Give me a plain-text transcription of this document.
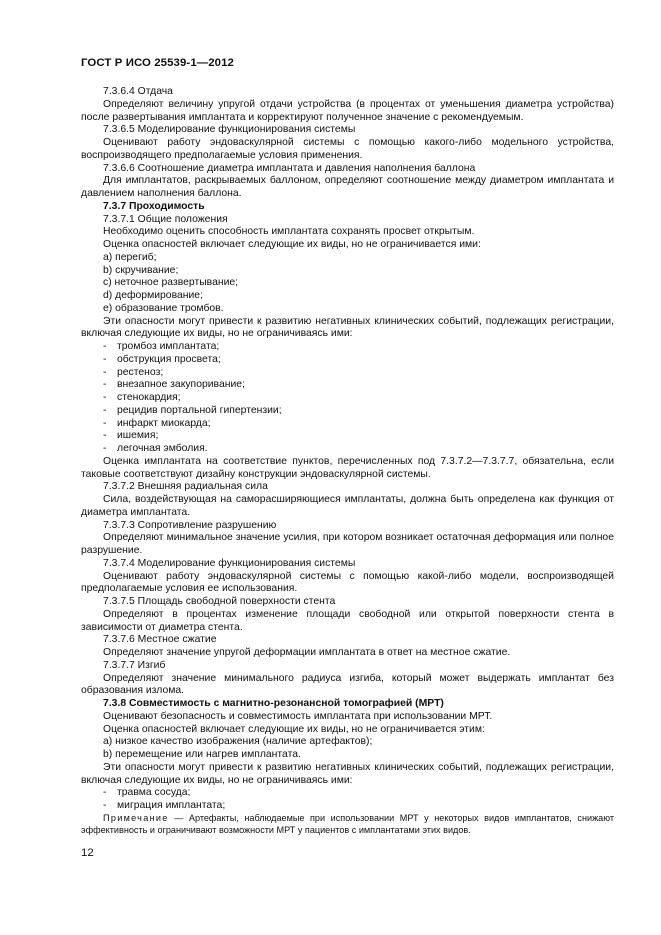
ГОСТ Р ИСО 25539-1—2012

7.3.6.4 Отдача

Определяют величину упругой отдачи устройства (в процентах от уменьшения диаметра устройства) после развертывания имплантата и корректируют полученное значение с рекомендуемым.

7.3.6.5 Моделирование функционирования системы

Оценивают работу эндоваскулярной системы с помощью какого-либо модельного устройства, воспроизводящего предполагаемые условия применения.

7.3.6.6 Соотношение диаметра имплантата и давления наполнения баллона

Для имплантатов, раскрываемых баллоном, определяют соотношение между диаметром имплантата и давлением наполнения баллона.

7.3.7 Проходимость

7.3.7.1 Общие положения

Необходимо оценить способность имплантата сохранять просвет открытым.

Оценка опасностей включает следующие их виды, но не ограничивается ими:

a) перегиб;

b) скручивание;

c) неточное развертывание;

d) деформирование;

e) образование тромбов.

Эти опасности могут привести к развитию негативных клинических событий, подлежащих регистрации, включая следующие их виды, но не ограничиваясь ими:

- тромбоз имплантата;
- обструкция просвета;
- рестеноз;
- внезапное закупоривание;
- стенокардия;
- рецидив портальной гипертензии;
- инфаркт миокарда;
- ишемия;
- легочная эмболия.

Оценка имплантата на соответствие пунктов, перечисленных под 7.3.7.2—7.3.7.7, обязательна, если таковые соответствуют дизайну конструкции эндоваскулярной системы.

7.3.7.2 Внешняя радиальная сила

Сила, воздействующая на саморасширяющиеся имплантаты, должна быть определена как функция от диаметра имплантата.

7.3.7.3 Сопротивление разрушению

Определяют минимальное значение усилия, при котором возникает остаточная деформация или полное разрушение.

7.3.7.4 Моделирование функционирования системы

Оценивают работу эндоваскулярной системы с помощью какой-либо модели, воспроизводящей предполагаемые условия ее использования.

7.3.7.5 Площадь свободной поверхности стента

Определяют в процентах изменение площади свободной или открытой поверхности стента в зависимости от диаметра стента.

7.3.7.6 Местное сжатие

Определяют значение упругой деформации имплантата в ответ на местное сжатие.

7.3.7.7 Изгиб

Определяют значение минимального радиуса изгиба, который может выдержать имплантат без образования излома.

7.3.8 Совместимость с магнитно-резонансной томографией (МРТ)

Оценивают безопасность и совместимость имплантата при использовании МРТ.

Оценка опасностей включает следующие их виды, но не ограничивается этим:

a) низкое качество изображения (наличие артефактов);

b) перемещение или нагрев имплантата.

Эти опасности могут привести к развитию негативных клинических событий, подлежащих регистрации, включая следующие их виды, но не ограничиваясь ими:

- травма сосуда;
- миграция имплантата;

Примечание — Артефакты, наблюдаемые при использовании МРТ у некоторых видов имплантатов, снижают эффективность и ограничивают возможности МРТ у пациентов с имплантатами этих видов.

12
